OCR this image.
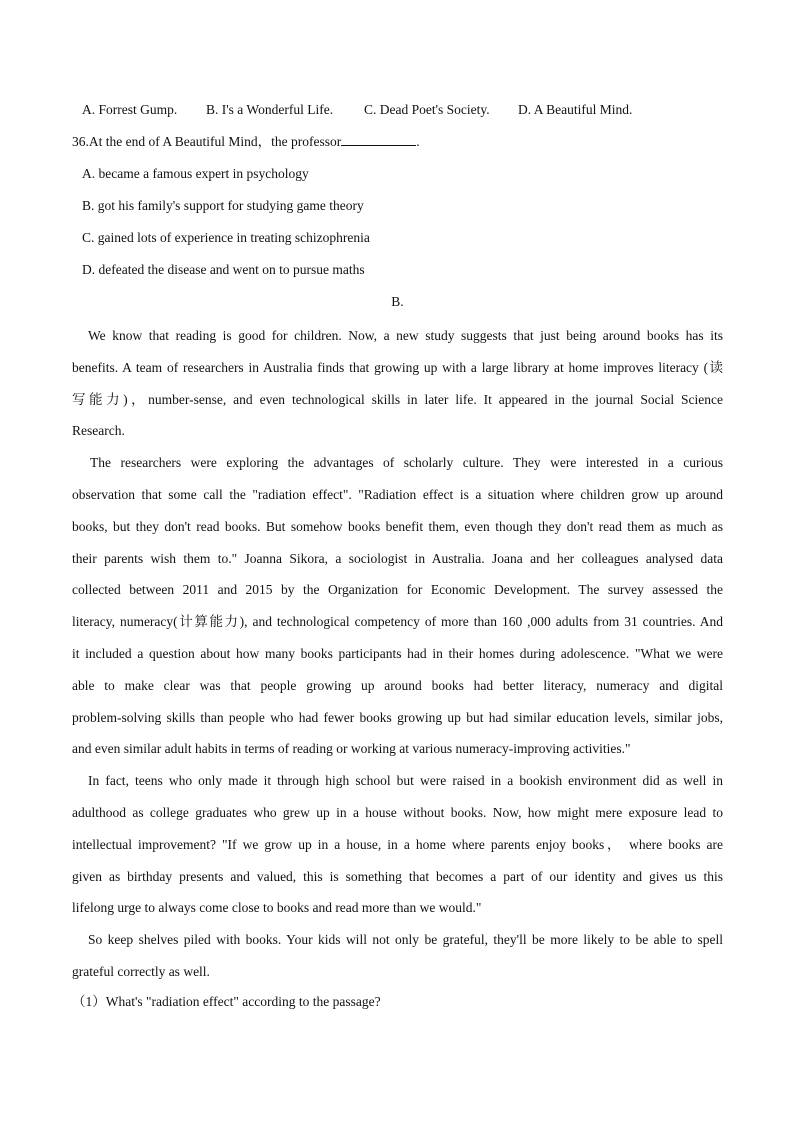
A. Forrest Gump.	B. I's a Wonderful Life.	C. Dead Poet's Society.	D. A Beautiful Mind.
36.At the end of A Beautiful Mind，the professor	.
A. became a famous expert in psychology
B. got his family's support for studying game theory
C. gained lots of experience in treating schizophrenia
D. defeated the disease and went on to pursue maths
B.
We know that reading is good for children. Now, a new study suggests that just being around books has its
benefits. A team of researchers in Australia finds that growing up with a large library at home improves literacy (读
写能力)，number-sense, and even technological skills in later life. It appeared in the journal Social Science
Research.
The researchers were exploring the advantages of scholarly culture. They were interested in a curious
observation that some call the "radiation effect". "Radiation effect is a situation where children grow up around
books, but they don't read books. But somehow books benefit them, even though they don't read them as much as
their parents wish them to." Joanna Sikora, a sociologist in Australia. Joana and her colleagues analysed data
collected between 2011 and 2015 by the Organization for Economic Development. The survey assessed the
literacy, numeracy(计算能力), and technological competency of more than 160 ,000 adults from 31 countries. And
it included a question about how many books participants had in their homes during adolescence. "What we were
able to make clear was that people growing up around books had better literacy, numeracy and digital
problem-solving skills than people who had fewer books growing up but had similar education levels, similar jobs,
and even similar adult habits in terms of reading or working at various numeracy-improving activities."
In fact, teens who only made it through high school but were raised in a bookish environment did as well in
adulthood as college graduates who grew up in a house without books. Now, how might mere exposure lead to
intellectual improvement? "If we grow up in a house, in a home where parents enjoy books， where books are
given as birthday presents and valued, this is something that becomes a part of our identity and gives us this
lifelong urge to always come close to books and read more than we would."
So keep shelves piled with books. Your kids will not only be grateful, they'll be more likely to be able to spell
grateful correctly as well.
（1）What's "radiation effect" according to the passage?
